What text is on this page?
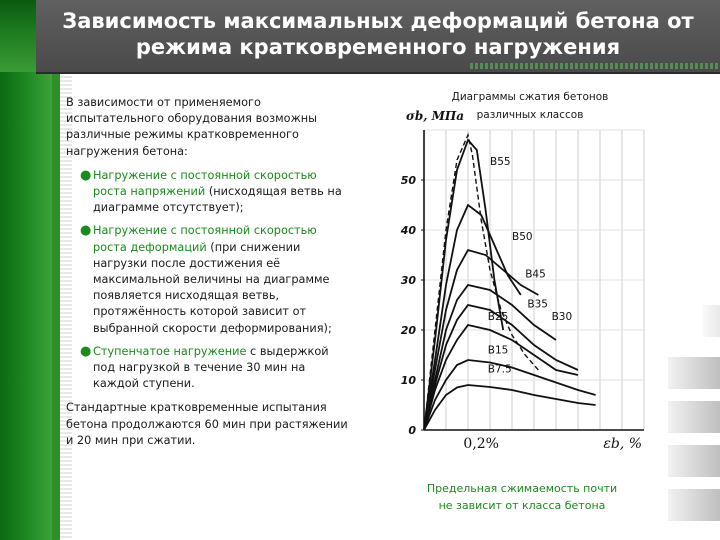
Зависимость максимальных деформаций бетона от
режима кратковременного нагружения

В зависимости от применяемого испытательного оборудования возможны различные режимы кратковременного нагружения бетона:

● Нагружение с постоянной скоростью роста напряжений (нисходящая ветвь на диаграмме отсутствует);
● Нагружение с постоянной скоростью роста деформаций (при снижении нагрузки после достижения её максимальной величины на диаграмме появляется нисходящая ветвь, протяжённость которой зависит от выбранной скорости деформирования);
● Ступенчатое нагружение с выдержкой под нагрузкой в течение 30 мин на каждой ступени.

Стандартные кратковременные испытания бетона продолжаются 60 мин при растяжении и 20 мин при сжатии.

Диаграммы сжатия бетонов
различных классов
0
10
20
30
40
50
0,2%
σb, МПа
εb, %
B55
B50
B45
B35
B30
B25
B15
B7.5
Предельная сжимаемость почти
не зависит от класса бетона
